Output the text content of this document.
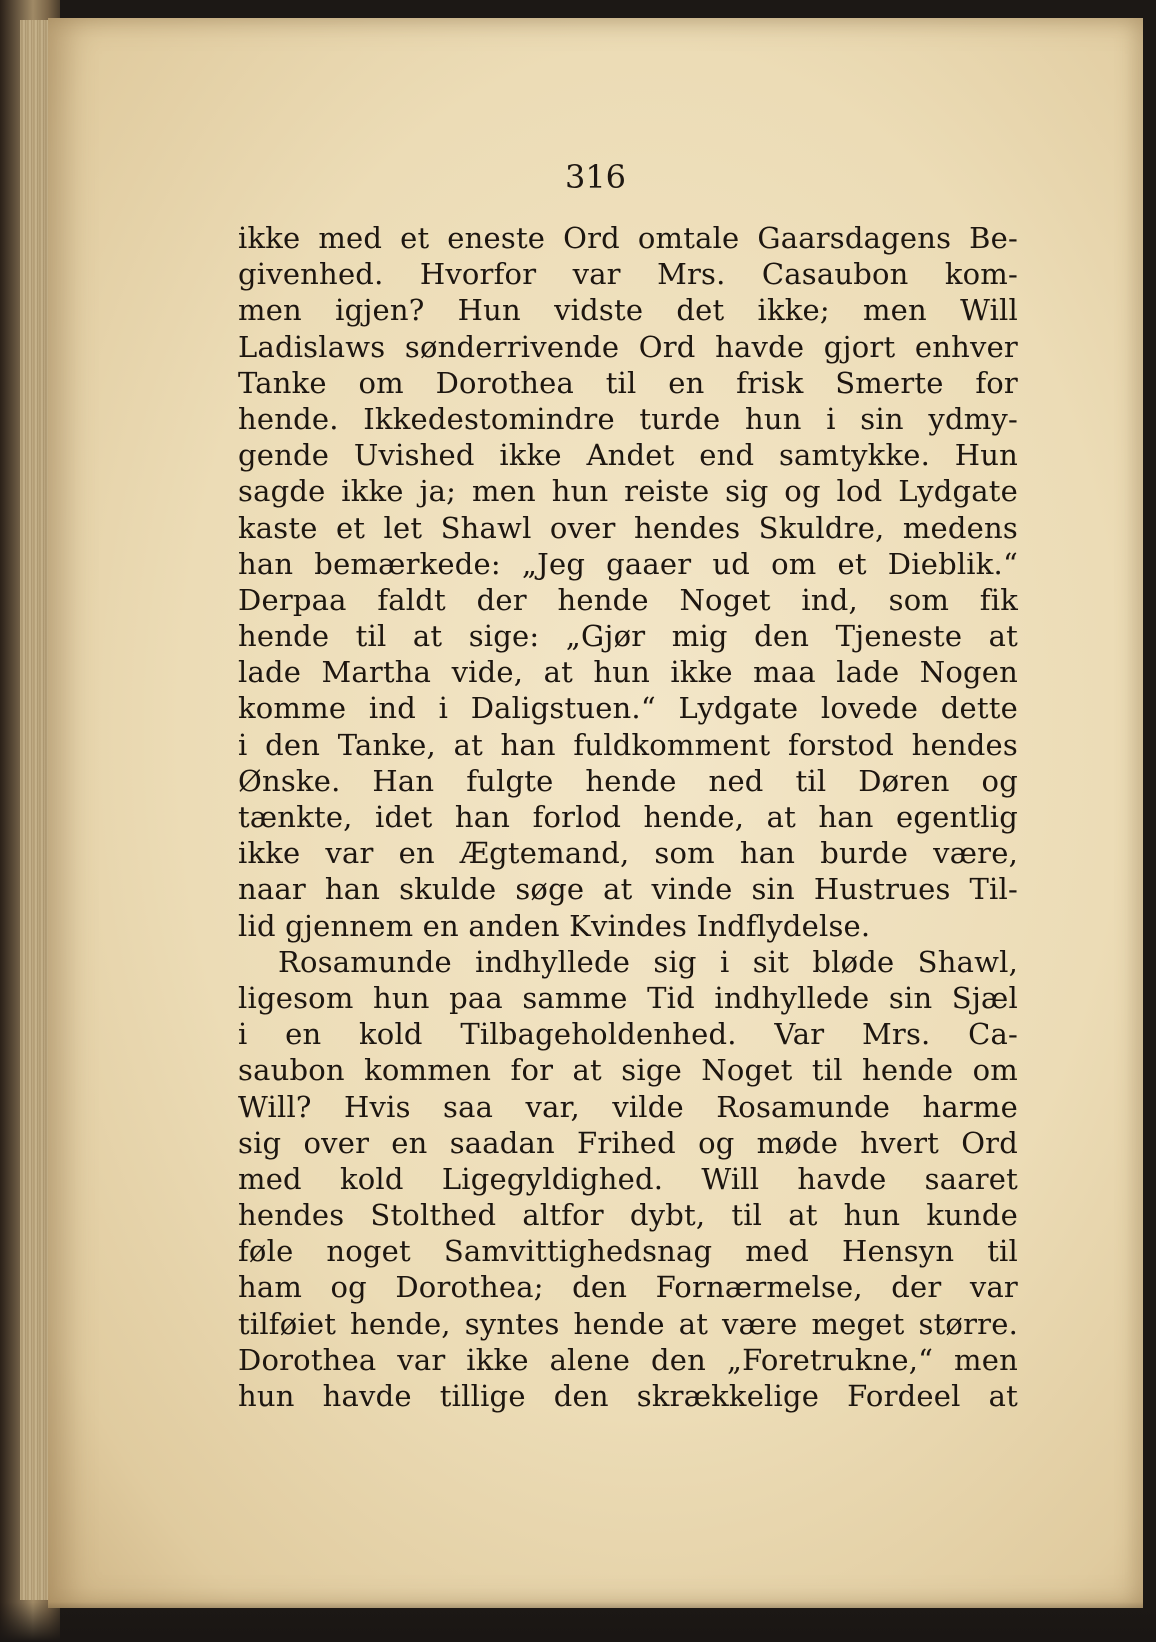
316
ikke med et eneste Ord omtale Gaarsdagens Be-
givenhed. Hvorfor var Mrs. Casaubon kom-
men igjen? Hun vidste det ikke; men Will
Ladislaws sønderrivende Ord havde gjort enhver
Tanke om Dorothea til en frisk Smerte for
hende. Ikkedestomindre turde hun i sin ydmy-
gende Uvished ikke Andet end samtykke. Hun
sagde ikke ja; men hun reiste sig og lod Lydgate
kaste et let Shawl over hendes Skuldre, medens
han bemærkede: „Jeg gaaer ud om et Dieblik.“
Derpaa faldt der hende Noget ind, som fik
hende til at sige: „Gjør mig den Tjeneste at
lade Martha vide, at hun ikke maa lade Nogen
komme ind i Daligstuen.“ Lydgate lovede dette
i den Tanke, at han fuldkomment forstod hendes
Ønske. Han fulgte hende ned til Døren og
tænkte, idet han forlod hende, at han egentlig
ikke var en Ægtemand, som han burde være,
naar han skulde søge at vinde sin Hustrues Til-
lid gjennem en anden Kvindes Indflydelse.
Rosamunde indhyllede sig i sit bløde Shawl,
ligesom hun paa samme Tid indhyllede sin Sjæl
i en kold Tilbageholdenhed. Var Mrs. Ca-
saubon kommen for at sige Noget til hende om
Will? Hvis saa var, vilde Rosamunde harme
sig over en saadan Frihed og møde hvert Ord
med kold Ligegyldighed. Will havde saaret
hendes Stolthed altfor dybt, til at hun kunde
føle noget Samvittighedsnag med Hensyn til
ham og Dorothea; den Fornærmelse, der var
tilføiet hende, syntes hende at være meget større.
Dorothea var ikke alene den „Foretrukne,“ men
hun havde tillige den skrækkelige Fordeel at
